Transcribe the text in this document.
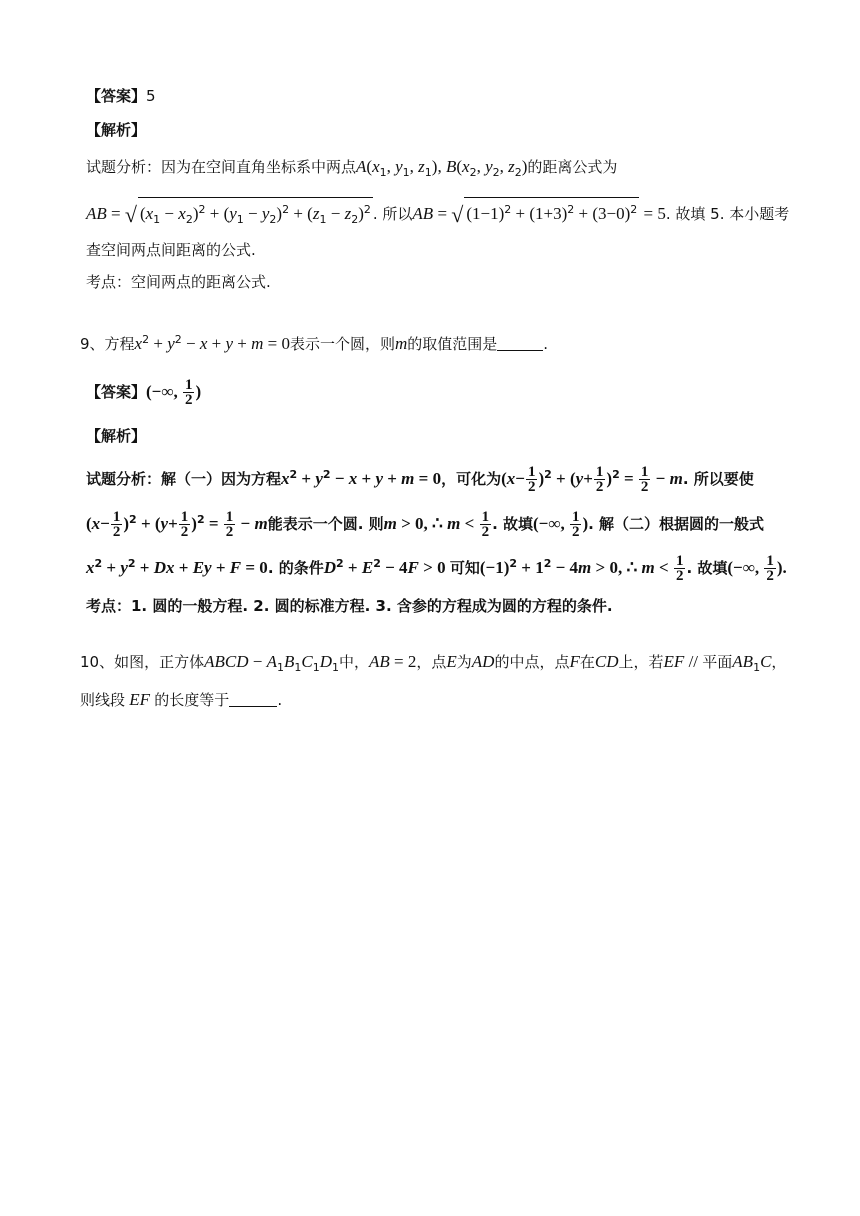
【答案】5
【解析】
试题分析：因为在空间直角坐标系中两点$A(x_1$, $y_1$, $z_1$), $B(x_2$, $y_2$, $z_2$)的距离公式为
AB = √ $(x_1 - x_2)^2 + (y_1 - y_2)^2 + (z_1 - z_2)^2$ . 所以AB = √ $(1-1)^2 + (1+3)^2 + (3-0)^2 = 5$. 故填 5. 本小题考
查空间两点间距离的公式.
考点：空间两点的距离公式.
9、方程$x^2 + y^2 - x + y + m = 0$表示一个圆，则m的取值范围是	.
【答案】(−∞, $\frac{1}{2}$ )
【解析】
试题分析：解（一）因为方程$x^2 + y^2 - x + y + m = 0$，可化为$(x- \frac{1}{2} )^2 + (y+ \frac{1}{2} )^2 = \frac{1}{2} - m$. 所以要使
$(x- \frac{1}{2} )^2 + (y+ \frac{1}{2} )^2 = \frac{1}{2} - m$能表示一个圆. 则m > 0, ∴ $m < \frac{1}{2}$ . 故填(−∞, $\frac{1}{2}$ ). 解（二）根据圆的一般式
$x^2 + y^2 + Dx + Ey + F = 0$. 的条件$D^2 + E^2 - 4F > 0$ 可知$(-1)^2 + 1^2 - 4m > 0$, ∴ $m < \frac{1}{2}$ . 故填(−∞, $\frac{1}{2}$ ).
考点：1. 圆的一般方程. 2. 圆的标准方程. 3. 含参的方程成为圆的方程的条件.
10、如图，正方体ABCD − $A_1B_1C_1D_1$中，AB = 2，点E为AD的中点，点F在CD上，若EF // 平面$AB_1C$，
则线段 EF 的长度等于	.
